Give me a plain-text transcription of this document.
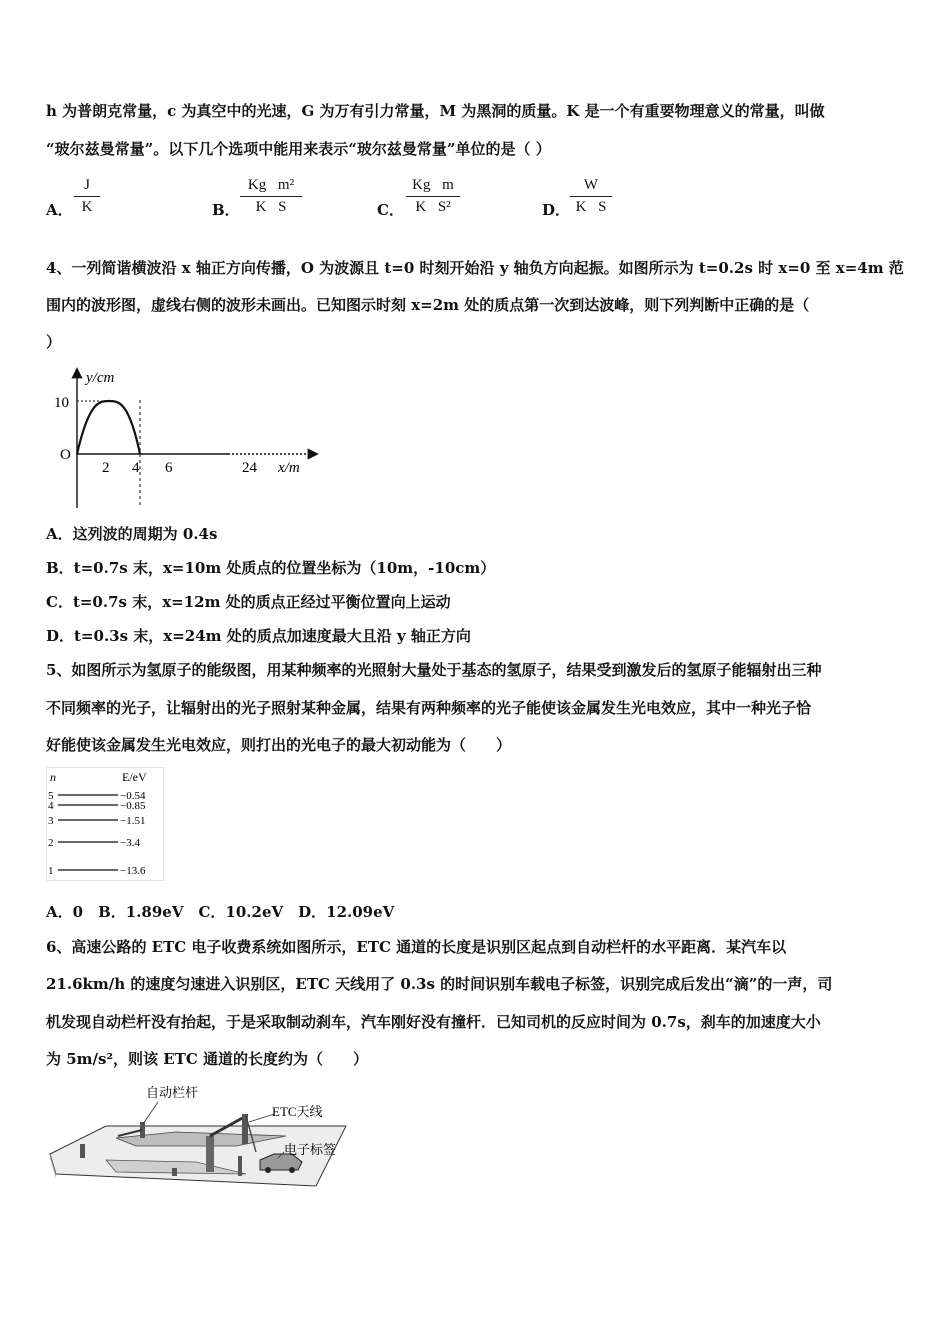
h 为普朗克常量，c 为真空中的光速，G 为万有引力常量，M 为黑洞的质量。K 是一个有重要物理意义的常量，叫做
“玻尔兹曼常量”。以下几个选项中能用来表示“玻尔兹曼常量”单位的是（ ）
A． $\frac{J}{K}$	B． $\frac{\text{Kg⃞m²}}{K⃞S}$	C． $\frac{Kg⃞m}{\text{K⃞S²}}$	D． $\frac{W}{K⃞S}$
4、一列简谐横波沿 x 轴正方向传播，O 为波源且 t=0 时刻开始沿 y 轴负方向起振。如图所示为 t=0.2s 时 x=0 至 x=4m 范
围内的波形图，虚线右侧的波形未画出。已知图示时刻 x=2m 处的质点第一次到达波峰，则下列判断中正确的是（
）
y/cm
10
O
2 4 6	24 x/m
A．这列波的周期为 0.4s
B．t=0.7s 末，x=10m 处质点的位置坐标为（10m，-10cm）
C．t=0.7s 末，x=12m 处的质点正经过平衡位置向上运动
D．t=0.3s 末，x=24m 处的质点加速度最大且沿 y 轴正方向
5、如图所示为氢原子的能级图，用某种频率的光照射大量处于基态的氢原子，结果受到激发后的氢原子能辐射出三种
不同频率的光子，让辐射出的光子照射某种金属，结果有两种频率的光子能使该金属发生光电效应，其中一种光子恰
好能使该金属发生光电效应，则打出的光电子的最大初动能为（　　）
n	E/eV
5	−0.54
4	−0.85
3	−1.51
2	−3.4
1	−13.6
A．0　B．1.89eV　C．10.2eV　D．12.09eV
6、高速公路的 ETC 电子收费系统如图所示，ETC 通道的长度是识别区起点到自动栏杆的水平距离．某汽车以
21.6km/h 的速度匀速进入识别区，ETC 天线用了 0.3s 的时间识别车载电子标签，识别完成后发出“滴”的一声，司
机发现自动栏杆没有抬起，于是采取制动刹车，汽车刚好没有撞杆．已知司机的反应时间为 0.7s，刹车的加速度大小
为 5m/s²，则该 ETC 通道的长度约为（　　）
自动栏杆
ETC天线
电子标签
